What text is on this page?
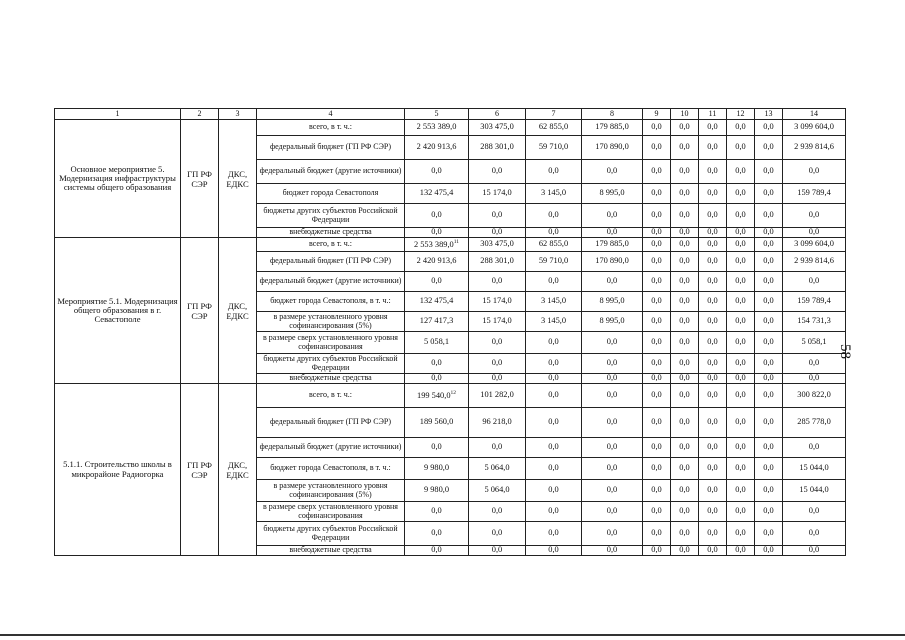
1	2	3	4	5	6	7	8	9	10	11	12	13	14
Основное мероприятие 5. Модернизация инфраструктуры системы общего образования	ГП РФ СЭР	ДКС, ЕДКС	всего, в т. ч.:	2 553 389,0	303 475,0	62 855,0	179 885,0	0,0	0,0	0,0	0,0	0,0	3 099 604,0
			федеральный бюджет (ГП РФ СЭР)	2 420 913,6	288 301,0	59 710,0	170 890,0	0,0	0,0	0,0	0,0	0,0	2 939 814,6
			федеральный бюджет (другие источники)	0,0	0,0	0,0	0,0	0,0	0,0	0,0	0,0	0,0	0,0
			бюджет города Севастополя	132 475,4	15 174,0	3 145,0	8 995,0	0,0	0,0	0,0	0,0	0,0	159 789,4
			бюджеты других субъектов Российской Федерации	0,0	0,0	0,0	0,0	0,0	0,0	0,0	0,0	0,0	0,0
			внебюджетные средства	0,0	0,0	0,0	0,0	0,0	0,0	0,0	0,0	0,0	0,0
Мероприятие 5.1. Модернизация общего образования в г. Севастополе	ГП РФ СЭР	ДКС, ЕДКС	всего, в т. ч.:	2 553 389,0$^{11}$	303 475,0	62 855,0	179 885,0	0,0	0,0	0,0	0,0	0,0	3 099 604,0
			федеральный бюджет (ГП РФ СЭР)	2 420 913,6	288 301,0	59 710,0	170 890,0	0,0	0,0	0,0	0,0	0,0	2 939 814,6
			федеральный бюджет (другие источники)	0,0	0,0	0,0	0,0	0,0	0,0	0,0	0,0	0,0	0,0
			бюджет города Севастополя, в т. ч.:	132 475,4	15 174,0	3 145,0	8 995,0	0,0	0,0	0,0	0,0	0,0	159 789,4
			в размере установленного уровня софинансирования (5%)	127 417,3	15 174,0	3 145,0	8 995,0	0,0	0,0	0,0	0,0	0,0	154 731,3
			в размере сверх установленного уровня софинансирования	5 058,1	0,0	0,0	0,0	0,0	0,0	0,0	0,0	0,0	5 058,1
			бюджеты других субъектов Российской Федерации	0,0	0,0	0,0	0,0	0,0	0,0	0,0	0,0	0,0	0,0
			внебюджетные средства	0,0	0,0	0,0	0,0	0,0	0,0	0,0	0,0	0,0	0,0
5.1.1. Строительство школы в микрорайоне Радиогорка	ГП РФ СЭР	ДКС, ЕДКС	всего, в т. ч.:	199 540,0$^{12}$	101 282,0	0,0	0,0	0,0	0,0	0,0	0,0	0,0	300 822,0
			федеральный бюджет (ГП РФ СЭР)	189 560,0	96 218,0	0,0	0,0	0,0	0,0	0,0	0,0	0,0	285 778,0
			федеральный бюджет (другие источники)	0,0	0,0	0,0	0,0	0,0	0,0	0,0	0,0	0,0	0,0
			бюджет города Севастополя, в т. ч.:	9 980,0	5 064,0	0,0	0,0	0,0	0,0	0,0	0,0	0,0	15 044,0
			в размере установленного уровня софинансирования (5%)	9 980,0	5 064,0	0,0	0,0	0,0	0,0	0,0	0,0	0,0	15 044,0
			в размере сверх установленного уровня софинансирования	0,0	0,0	0,0	0,0	0,0	0,0	0,0	0,0	0,0	0,0
			бюджеты других субъектов Российской Федерации	0,0	0,0	0,0	0,0	0,0	0,0	0,0	0,0	0,0	0,0
			внебюджетные средства	0,0	0,0	0,0	0,0	0,0	0,0	0,0	0,0	0,0	0,0
58
